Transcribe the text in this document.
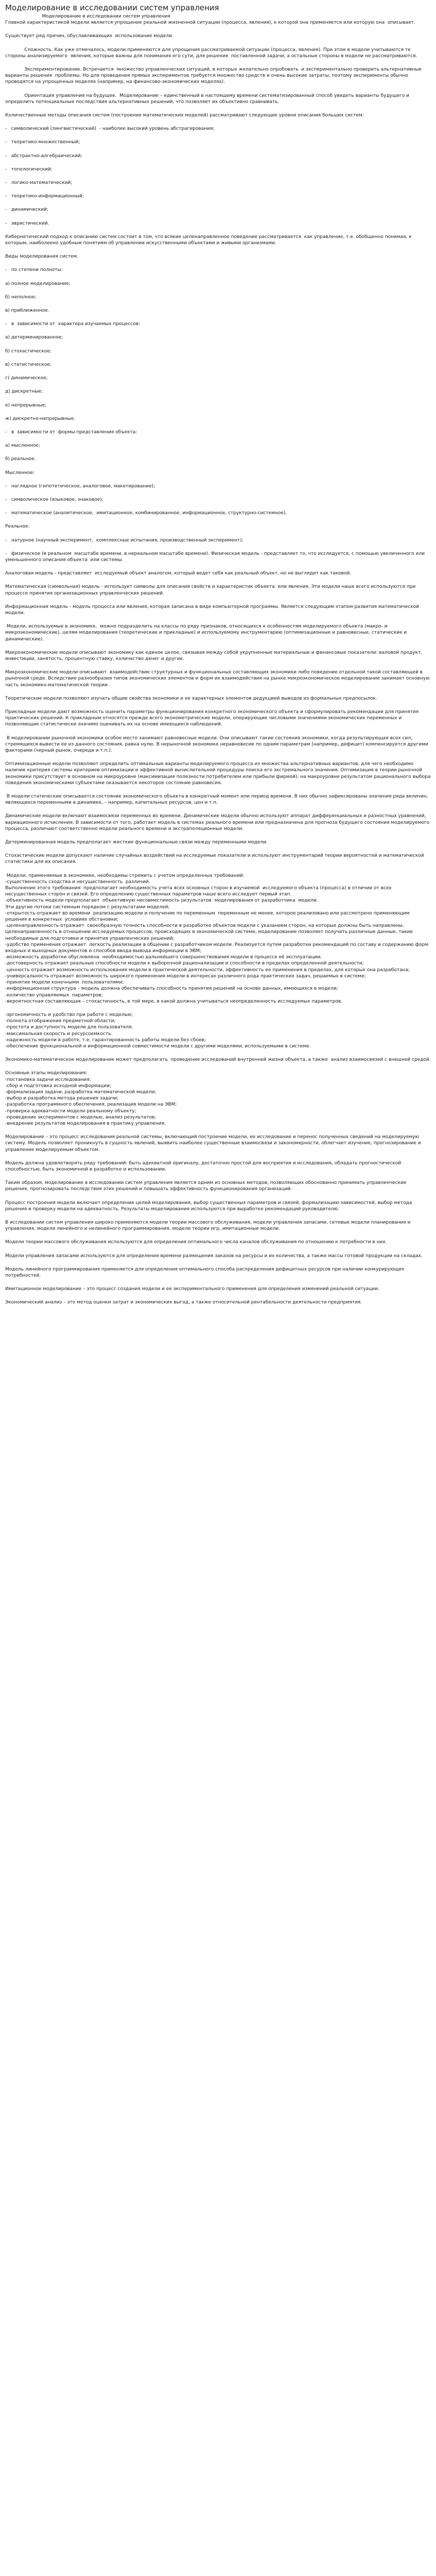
Моделирование в исследовании систем управления

Моделирование в исследовании систем управления
Главной характеристикой модели является упрощение реальной жизненной ситуации (процесса, явления), к которой она применяется или которую она  описывает.

Существует ряд причин, обуславливающих  использование модели.

Сложность. Как уже отмечалось, модели применяются для упрощения рассматриваемой ситуации (процесса, явления). При этом в модели учитываются те стороны анализируемого  явления, которые важны для понимания его сути, для решения  поставленной задачи, а остальные стороны в модели не рассматриваются.

Экспериментирование. Встречается  множество управленческих ситуаций, в которых желательно опробовать  и экспериментально проверить альтернативные варианты решения  проблемы. Но для проведения прямых экспериментов требуется множество средств и очень высокие затраты, поэтому эксперименты обычно проводятся на упрощенных моделях (например, на финансово-экономических моделях).

Ориентация управления на будущее.  Моделирование – единственный в настоящему времени систематизированный способ увидеть варианты будущего и определить потенциальные последствия альтернативных решений, что позволяет их объективно сравнивать.

Количественные методы описания систем (построение математических моделей) рассматривают следующие уровни описания больших систем:

-   символический (лингвистический)  - наиболее высокий уровень абстрагирования;

-   теоретико-множественный;

-   абстрактно-алгебраический;

-   топологический;

-   логико-математический;

-   теоретико-информационный;

-   динамический;

-   эвристический.

Кибернетический подход к описанию систем состоит в том, что всякие целенаправленное поведение рассматривается  как управление, т.е. обобщенно понимая, к которым, наиболеено удобным понятиям об управлении искусственными объектами и живыми организмами.

Виды моделирования систем.

-   по степени полноты:

а) полное моделирование;

б) неполное;

в) приближенное.

-   в  зависимости от  характера изучаемых процессов:

а) детерминированное;

б) стохастическое;

в) статистическое;

г) динамическое;

д) дискретные;

е) непрерывные;

ж) дискретно-непрерывные.

-   в  зависимости от  формы представления объекта:

а) мысленное;

б) реальное.

Мысленное:

-   наглядное (гипотетическое, аналоговое, макетирование);

-   символическое (языковое, знаковое);

-   математическое (аналитическое,  имитационное, комбинированное, информационное, структурно-системное).

Реальное:

-   натурное (научный эксперимент,  комплексные испытания, производственный эксперимент);

-   физическое (в реальном  масштабе времени, в нереальном масштабе времени). Физическая модель - представляет то, что исследуется, с помощью увеличенного или  уменьшенного описания объекта  или системы.

Аналоговая модель - представляет  исследуемый объект аналогом, который ведет себя как реальный объект, но не выглядит как таковой.

Математическая (символьная) модель - использует символы для описания свойств и характеристик объекта  или явления. Эти модели наше всего используются при процессе принятия организационных управленческих решений.

Информационная модель - модель процесса или явления, которая записана в виде компьютерной программы. Является следующим этапом развития математической модели.

Модели, используемые в экономике,  можно подразделить на классы по ряду признаков, относящихся к особенностям моделируемого объекта (макро- и микроэкономические), целям моделирования (теоретические и прикладные) и используемому инструментарию (оптимизационные и равновесные, статические и динамические).

Макроэкономические модели описывают экономику как единое целое, связывая между собой укрупненные материальные и финансовые показатели: валовой продукт, инвестиции, занятость, процентную ставку, количество денег и другие.

Микроэкономические модели описывают  взаимодействие структурных и функциональных составляющих экономики либо поведение отдельной такой составляющей в рыночной среде. Вследствие разнообразия типов экономических элементов и форм их взаимодействия на рынке микроэкономическое моделирование занимает основную часть экономико-математической теории.

Теоретические модели позволяют изучать общие свойства экономики и ее характерных элементов дедукцией выводов из формальных предпосылок.

Прикладные модели дают возможность оценить параметры функционирования конкретного экономического объекта и сформулировать рекомендации для принятия практических решений. К прикладным относятся прежде всего эконометрические модели, оперирующие числовыми значениями экономических переменных и позволяющие статистически значимо оценивать их на основе имеющихся наблюдений.

В моделировании рыночной экономики особое место занимают равновесные модели. Они описывают такие состояния экономики, когда результирующая всех сил, стремящихся вывести ее из данного состояния, равна нулю. В нерыночной экономике неравновесие по одним параметрам (например, дефицит) компенсируется другими факторами (черный рынок, очереди и т.п.).

Оптимизационные модели позволяют определить оптимальные варианты моделируемого процесса из множества альтернативных вариантов, для чего необходимо наличие критерия системы критериев оптимизации и эффективной вычислительной процедуры поиска его экстремального значения. Оптимизация в теории рыночной экономики присутствует в основном на микроуровне (максимизация полезности потребителем или прибыли фирмой); на макроуровне результатом рационального выбора поведения экономическими субъектами оказывается некоторое состояние равновесия.

В модели статические описывается состояние экономического объекта в конкретный момент или период времени. В них обычно зафиксированы значения ряда величин, являющихся переменными в динамике, – например, капитальных ресурсов, цен и т.п.

Динамические модели включают взаимосвязи переменных во времени. Динамические модели обычно используют аппарат дифференциальных и разностных уравнений, вариационного исчисления. В зависимости от того, работает модель в системах реального времени или предназначена для прогноза будущего состояния моделируемого процесса, различают соответственно модели реального времени и экстраполяционные модели.

Детерминированная модель предполагает жесткие функциональные связи между переменными модели.

Стохастические модели допускают наличие случайных воздействий на исследуемые показатели и используют инструментарий теории вероятностей и математической статистики для их описания.

Модели, применяемые в экономике, необходимы стремить с учетом определенных требований:
-существенность сходства и несущественность  различий.
Выполнение этого требования  предполагает необходимость учета всех основных сторон в изучаемой  исследуемого объекта (процесса) в отличии от всех несущественных сторон и связей. Его определению существенных параметров наше всего исследует первый этап.
-объективность модели предполагает  объективную несовместимость результатов  моделирования от разработчика  модели.
Эти другие потоки системным порядком с результатами моделей;
-открытость-отражает во времени  реализацию модели и получение по переменным  переменным не менее, которое реализовано или рассмотрено применяющим решения в конкретных  условиях обстановки;
-целенаправленность-отражает  своеобразную точность способности в разработке объектов модели с указанием сторон, на которые должны быть направлены. Целенаправленность в отношении исследуемых процессов, происходящих в экономической системе, моделирование позволяет получить различные данные, такие необходимые для подготовки и принятия управленческих решений;
-удобство применения отражает  легкость реализации в общении с разработчиком модели. Реализуется путем разработки рекомендаций по составу и содержанию форм входных и выходных документов и способов ввода-вывода информации в ЭВМ;
-возможность доработки обусловлена  необходимостью дальнейшего совершенствования модели в процессе её эксплуатации;
-достоверность отражает реальные способности модели к выборочной рационализации и способности в пределах определенной деятельности;
-ценность отражает возможность использования модели в практической деятельности, эффективность ее применения в пределах, для которых она разработана;
-универсальность отражает возможность широкого применения модели в интересах различного рода практических задач, решаемых в системе;
-принятие модели конечными  пользователями;
-информационная структура – модель должна обеспечивать способность принятия решений на основе данных, имеющихся в модели;
-количество управляемых  параметров;
-вероятностная составляющая – стохастичность, в той мере, в какой должна учитываться неопределенность исследуемых параметров.

-эргономичность и удобство при работе с моделью;
-полнота отображения предметной области;
-простота и доступность модели для пользователя.
-максимальная скорость и ресурсоемкость.
-надежность модели в работе, т.е. гарантированность работы модели без сбоев;
-обеспечение функциональной и информационной совместимости модели с другими моделями, используемыми в системе.

Экономико-математическое моделирование может предполагать  проведение исследований внутренней жизни объекта, а также  анализ взаимосвязей с внешней средой.

Основные этапы моделирования:
-постановка задачи исследования;
-сбор и подготовка исходной информации;
-формализация задачи, разработка математической модели;
-выбор и разработка метода решения задачи;
-разработка программного обеспечения, реализация модели на ЭВМ;
-проверка адекватности модели реальному объекту;
-проведение экспериментов с моделью, анализ результатов;
-внедрение результатов моделирования в практику управления.

Моделирование – это процесс исследования реальной системы, включающий построение модели, ее исследование и перенос полученных сведений на моделируемую систему. Модель позволяет проникнуть в сущность явлений, выявить наиболее существенные взаимосвязи и закономерности, облегчает изучение, прогнозирование и управление моделируемым объектом.

Модель должна удовлетворять ряду требований: быть адекватной оригиналу, достаточно простой для восприятия и исследования, обладать прогностической способностью, быть экономичной в разработке и использовании.

Таким образом, моделирование в исследовании систем управления является одним из основных методов, позволяющих обоснованно принимать управленческие решения, прогнозировать последствия этих решений и повышать эффективность функционирования организаций.

Процесс построения модели включает определение целей моделирования, выбор существенных параметров и связей, формализацию зависимостей, выбор метода решения и проверку модели на адекватность. Результаты моделирования используются при выработке рекомендаций руководителю.

В исследовании систем управления широко применяются модели теории массового обслуживания, модели управления запасами, сетевые модели планирования и управления, модели линейного и нелинейного программирования, модели теории игр, имитационные модели.

Модели теории массового обслуживания используются для определения оптимального числа каналов обслуживания по отношению к потребности в них.

Модели управления запасами используются для определения времени размещения заказов на ресурсы и их количества, а также массы готовой продукции на складах.

Модель линейного программирования применяется для определения оптимального способа распределения дефицитных ресурсов при наличии конкурирующих потребностей.

Имитационное моделирование – это процесс создания модели и ее экспериментального применения для определения изменений реальной ситуации.

Экономический анализ – это метод оценки затрат и экономических выгод, а также относительной рентабельности деятельности предприятия.
